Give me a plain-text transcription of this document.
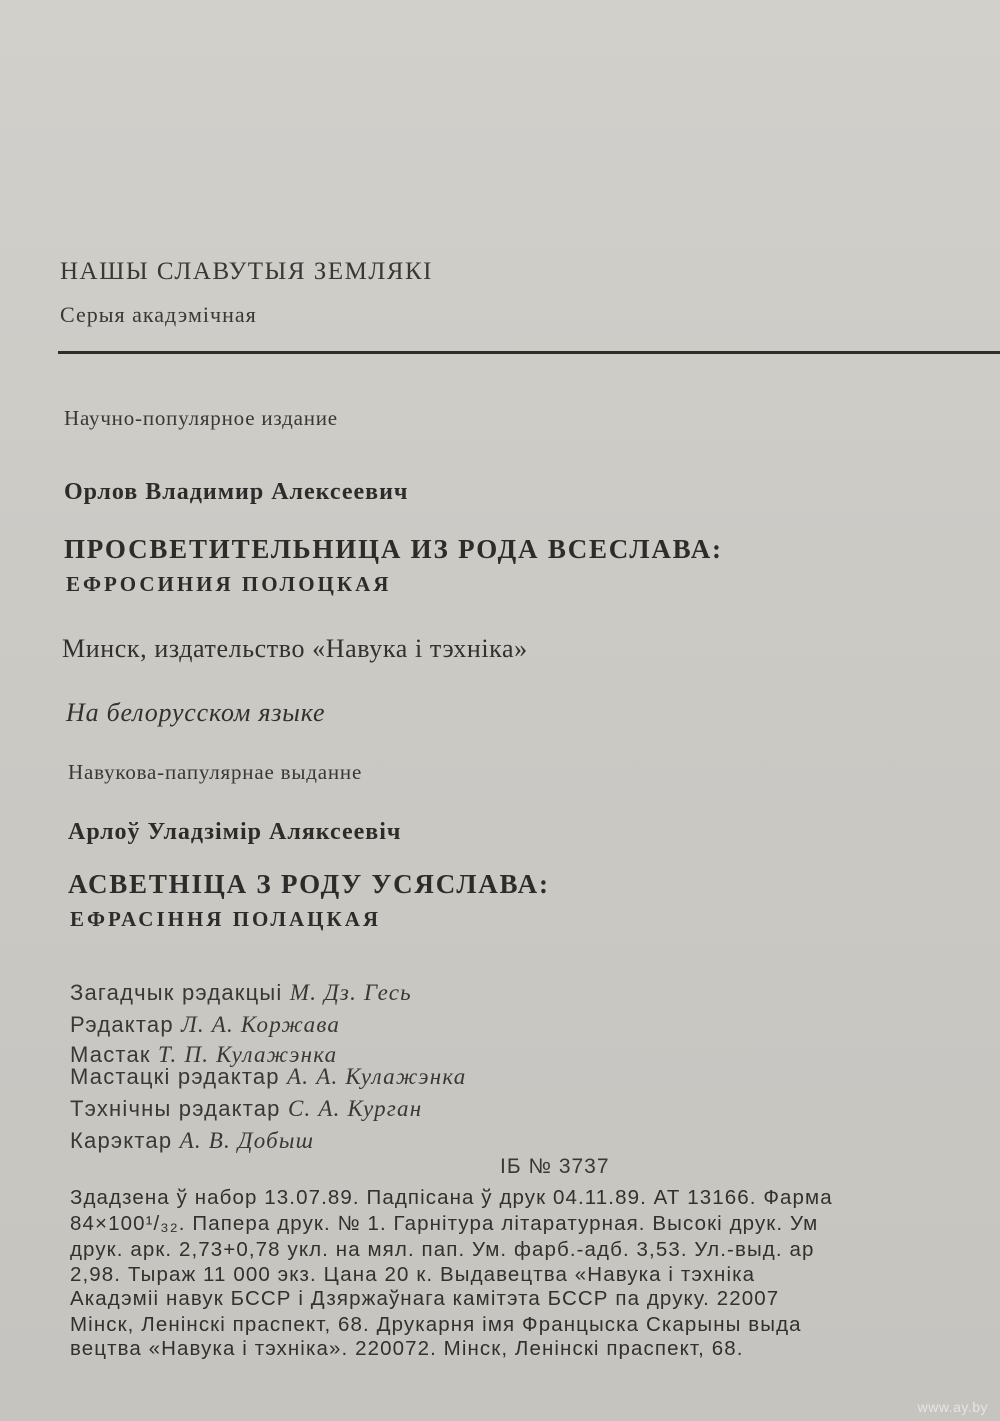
НАШЫ СЛАВУТЫЯ ЗЕМЛЯКІ
Серыя акадэмічная
Научно-популярное издание
Орлов Владимир Алексеевич
ПРОСВЕТИТЕЛЬНИЦА ИЗ РОДА ВСЕСЛАВА:
ЕФРОСИНИЯ ПОЛОЦКАЯ
Минск, издательство «Навука і тэхніка»
На белорусском языке
Навукова-папулярнае выданне
Арлоў Уладзімір Аляксеевіч
АСВЕТНІЦА З РОДУ УСЯСЛАВА:
ЕФРАСІННЯ ПОЛАЦКАЯ
Загадчык рэдакцыі М. Дз. Гесь
Рэдактар Л. А. Коржава
Мастак Т. П. Кулажэнка
Мастацкі рэдактар А. А. Кулажэнка
Тэхнічны рэдактар С. А. Курган
Карэктар А. В. Добыш
ІБ № 3737
Здадзена ў набор 13.07.89. Падпісана ў друк 04.11.89. АТ 13166. Фарма
84×100¹/₃₂. Папера друк. № 1. Гарнітура літаратурная. Высокі друк. Ум
друк. арк. 2,73+0,78 укл. на мял. пап. Ум. фарб.-адб. 3,53. Ул.-выд. ар
2,98. Тыраж 11 000 экз. Цана 20 к. Выдавецтва «Навука і тэхніка
Акадэміі навук БССР і Дзяржаўнага камітэта БССР па друку. 22007
Мінск, Ленінскі праспект, 68. Друкарня імя Францыска Скарыны выда
вецтва «Навука і тэхніка». 220072. Мінск, Ленінскі праспект, 68.
www.ay.by
